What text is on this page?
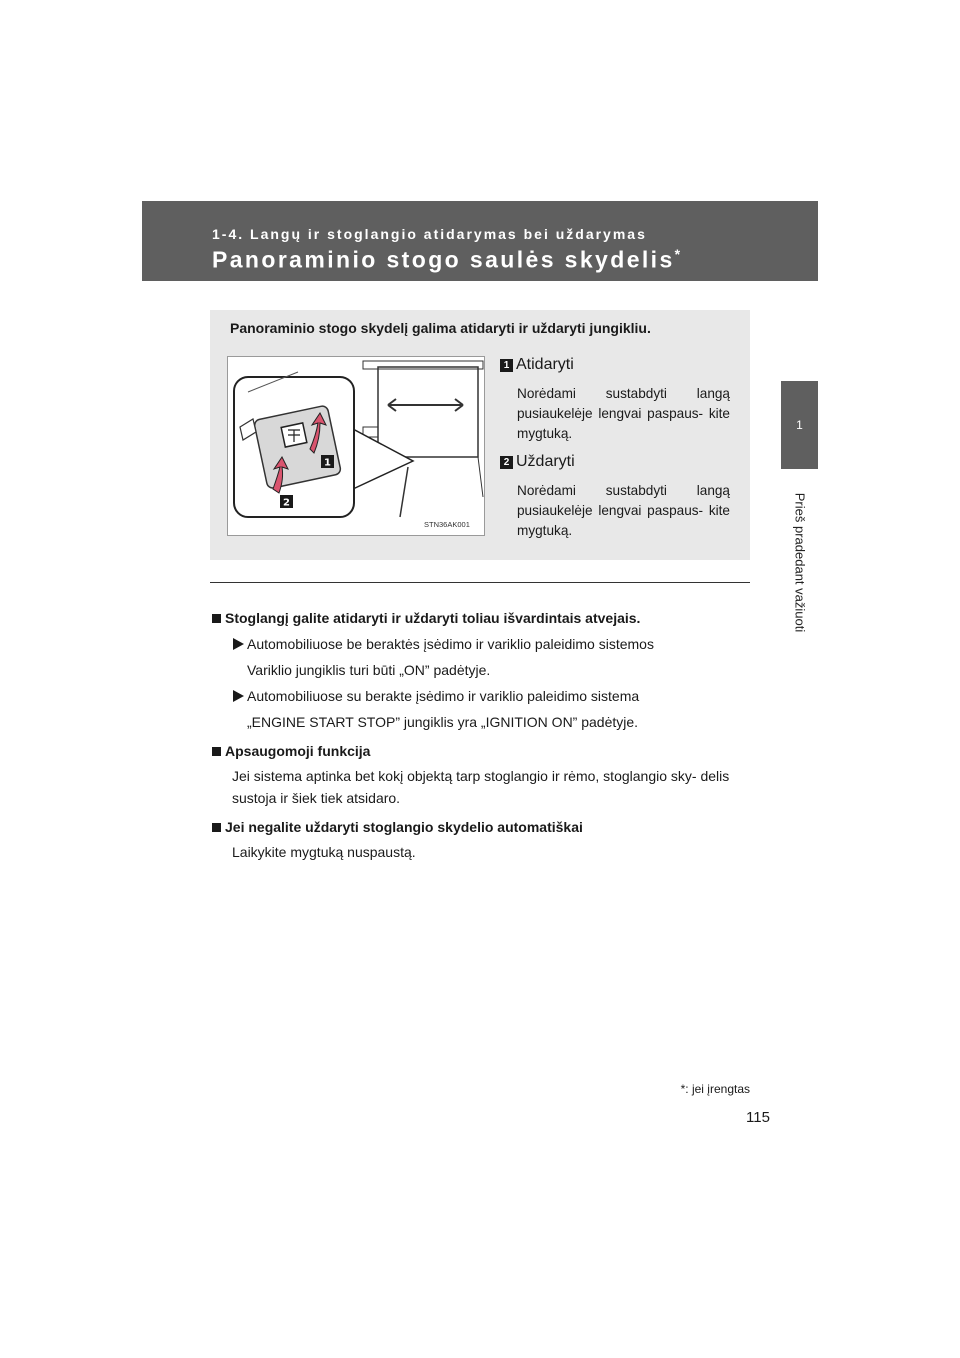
1-4. Langų ir stoglangio atidarymas bei uždarymas
Panoraminio stogo saulės skydelis*
1
Prieš pradedant važiuoti
Panoraminio stogo skydelį galima atidaryti ir uždaryti jungikliu.
1
2
STN36AK001
1 Atidaryti
Norėdami sustabdyti langą pusiaukelėje lengvai paspaus- kite mygtuką.
2 Uždaryti
Norėdami sustabdyti langą pusiaukelėje lengvai paspaus- kite mygtuką.
Stoglangį galite atidaryti ir uždaryti toliau išvardintais atvejais.
Automobiliuose be beraktės įsėdimo ir variklio paleidimo sistemos
Variklio jungiklis turi būti „ON” padėtyje.
Automobiliuose su berakte įsėdimo ir variklio paleidimo sistema
„ENGINE START STOP” jungiklis yra „IGNITION ON” padėtyje.
Apsaugomoji funkcija
Jei sistema aptinka bet kokį objektą tarp stoglangio ir rėmo, stoglangio sky- delis sustoja ir šiek tiek atsidaro.
Jei negalite uždaryti stoglangio skydelio automatiškai
Laikykite mygtuką nuspaustą.
*: jei įrengtas
115
